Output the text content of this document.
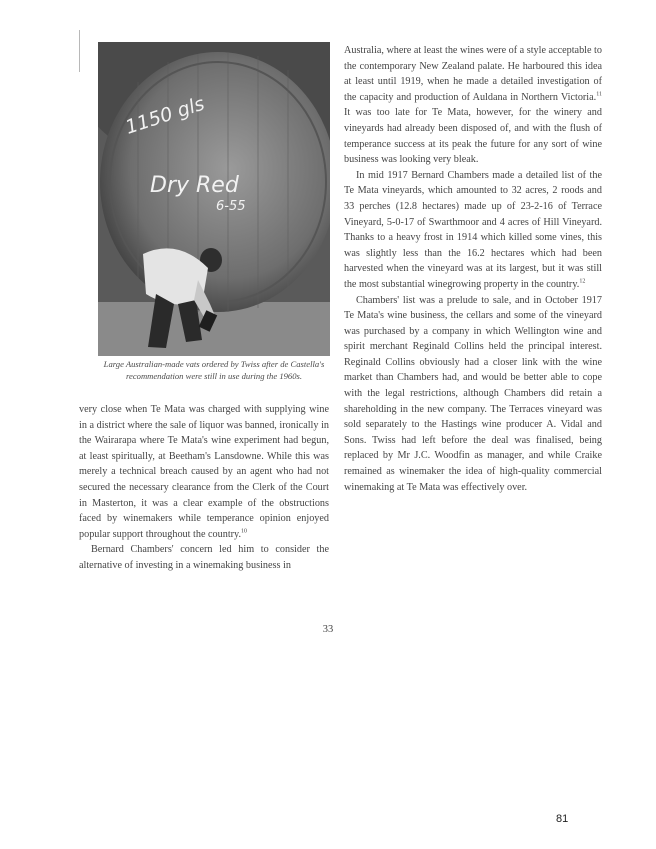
1150 gls
Dry Red
6-55
Large Australian-made vats ordered by Twiss after de Castella's recommendation were still in use during the 1960s.

very close when Te Mata was charged with supplying wine in a district where the sale of liquor was banned, ironically in the Wairarapa where Te Mata's wine experiment had begun, at least spiritually, at Beetham's Lansdowne. While this was merely a technical breach caused by an agent who had not secured the necessary clearance from the Clerk of the Court in Masterton, it was a clear example of the obstructions faced by winemakers while temperance opinion enjoyed popular support throughout the country.$^{10}$

Bernard Chambers' concern led him to consider the alternative of investing in a winemaking business in

Australia, where at least the wines were of a style acceptable to the contemporary New Zealand palate. He harboured this idea at least until 1919, when he made a detailed investigation of the capacity and production of Auldana in Northern Victoria.$^{11}$ It was too late for Te Mata, however, for the winery and vineyards had already been disposed of, and with the flush of temperance success at its peak the future for any sort of wine business was looking very bleak.

In mid 1917 Bernard Chambers made a detailed list of the Te Mata vineyards, which amounted to 32 acres, 2 roods and 33 perches (12.8 hectares) made up of 23-2-16 of Terrace Vineyard, 5-0-17 of Swarthmoor and 4 acres of Hill Vineyard. Thanks to a heavy frost in 1914 which killed some vines, this was slightly less than the 16.2 hectares which had been harvested when the vineyard was at its largest, but it was still the most substantial winegrowing property in the country.$^{12}$

Chambers' list was a prelude to sale, and in October 1917 Te Mata's wine business, the cellars and some of the vineyard was purchased by a company in which Wellington wine and spirit merchant Reginald Collins held the principal interest. Reginald Collins obviously had a closer link with the wine market than Chambers had, and would be better able to cope with the legal restrictions, although Chambers did retain a shareholding in the new company. The Terraces vineyard was sold separately to the Hastings wine producer A. Vidal and Sons. Twiss had left before the deal was finalised, being replaced by Mr J.C. Woodfin as manager, and while Craike remained as winemaker the idea of high-quality commercial winemaking at Te Mata was effectively over.

33
81
